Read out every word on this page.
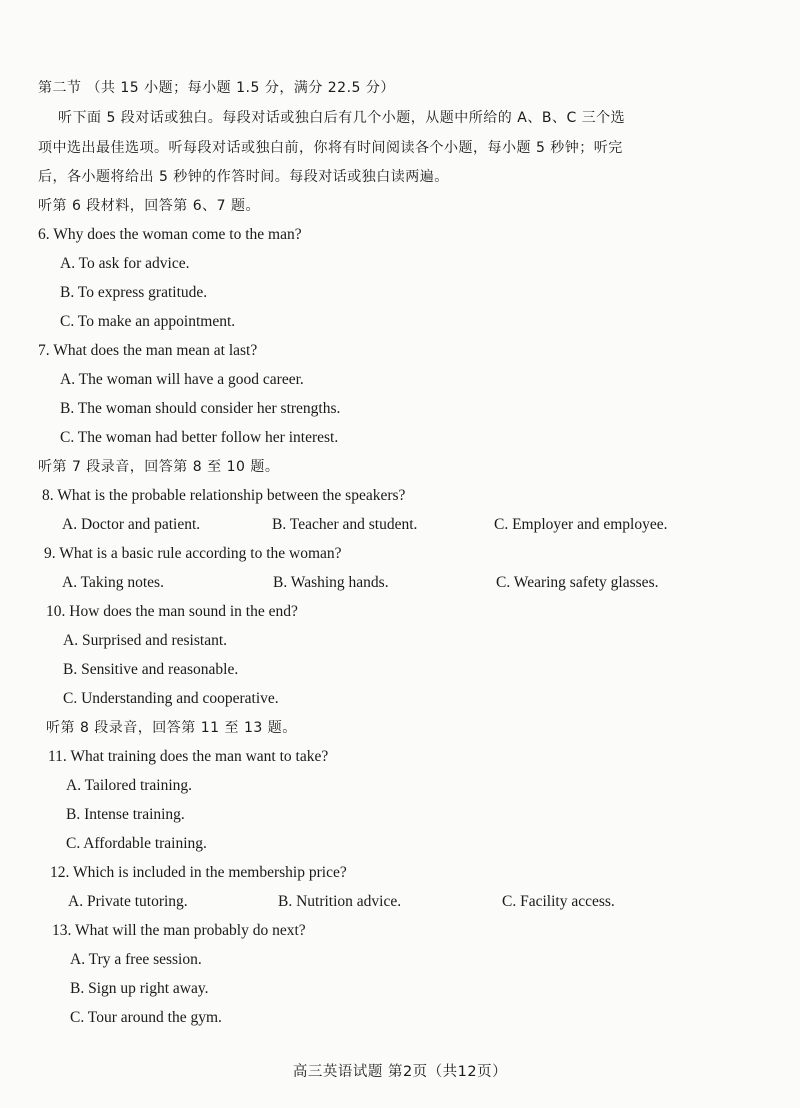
第二节 （共 15 小题；每小题 1.5 分，满分 22.5 分）
听下面 5 段对话或独白。每段对话或独白后有几个小题，从题中所给的 A、B、C 三个选
项中选出最佳选项。听每段对话或独白前，你将有时间阅读各个小题，每小题 5 秒钟；听完
后，各小题将给出 5 秒钟的作答时间。每段对话或独白读两遍。
听第 6 段材料，回答第 6、7 题。
6. Why does the woman come to the man?
A. To ask for advice.
B. To express gratitude.
C. To make an appointment.
7. What does the man mean at last?
A. The woman will have a good career.
B. The woman should consider her strengths.
C. The woman had better follow her interest.
听第 7 段录音，回答第 8 至 10 题。
8. What is the probable relationship between the speakers?
A. Doctor and patient.	B. Teacher and student.	C. Employer and employee.
9. What is a basic rule according to the woman?
A. Taking notes.	B. Washing hands.	C. Wearing safety glasses.
10. How does the man sound in the end?
A. Surprised and resistant.
B. Sensitive and reasonable.
C. Understanding and cooperative.
听第 8 段录音，回答第 11 至 13 题。
11. What training does the man want to take?
A. Tailored training.
B. Intense training.
C. Affordable training.
12. Which is included in the membership price?
A. Private tutoring.	B. Nutrition advice.	C. Facility access.
13. What will the man probably do next?
A. Try a free session.
B. Sign up right away.
C. Tour around the gym.
高三英语试题 第2页（共12页）
